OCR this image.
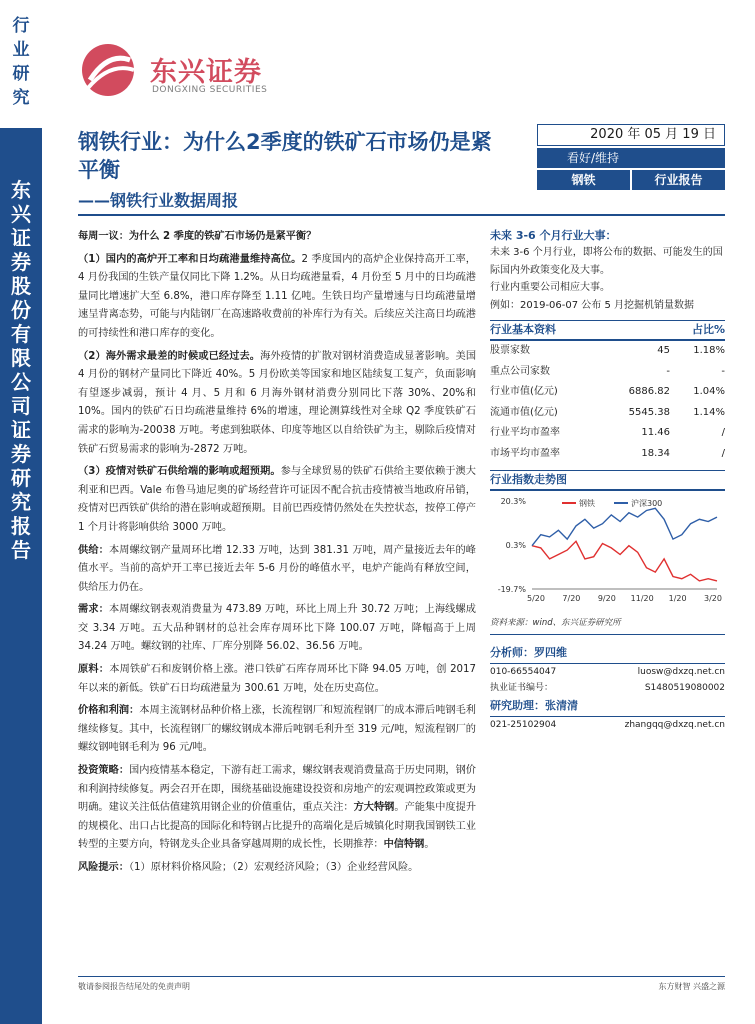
行业研究
东兴证券股份有限公司证券研究报告
东兴证券
DONGXING SECURITIES
钢铁行业：为什么2季度的铁矿石市场仍是紧平衡
——钢铁行业数据周报
2020 年 05 月 19 日
看好/维持
钢铁	行业报告

每周一议：为什么 2 季度的铁矿石市场仍是紧平衡？

（1）国内的高炉开工率和日均疏港量维持高位。2 季度国内的高炉企业保持高开工率，4 月份我国的生铁产量仅同比下降 1.2%。从日均疏港量看，4 月份至 5 月中的日均疏港量同比增速扩大至 6.8%，港口库存降至 1.11 亿吨。生铁日均产量增速与日均疏港量增速呈背离态势，可能与内陆钢厂在高速路收费前的补库行为有关。后续应关注高日均疏港的可持续性和港口库存的变化。

（2）海外需求最差的时候或已经过去。海外疫情的扩散对钢材消费造成显著影响。美国 4 月份的钢材产量同比下降近 40%。5 月份欧美等国家和地区陆续复工复产，负面影响有望逐步减弱，预计 4 月、5 月和 6 月海外钢材消费分别同比下落 30%、20%和 10%。国内的铁矿石日均疏港量维持 6%的增速，理论测算线性对全球 Q2 季度铁矿石需求的影响为-20038 万吨。考虑到独联体、印度等地区以自给铁矿为主，剔除后疫情对铁矿石贸易需求的影响为-2872 万吨。

（3）疫情对铁矿石供给端的影响或超预期。参与全球贸易的铁矿石供给主要依赖于澳大利亚和巴西。Vale 布鲁马迪尼奥的矿场经营许可证因不配合抗击疫情被当地政府吊销，疫情对巴西铁矿供给的潜在影响或超预期。目前巴西疫情仍然处在失控状态，按停工停产 1 个月计将影响供给 3000 万吨。

供给：本周螺纹钢产量周环比增 12.33 万吨，达到 381.31 万吨，周产量接近去年的峰值水平。当前的高炉开工率已接近去年 5-6 月份的峰值水平，电炉产能尚有释放空间，供给压力仍在。

需求：本周螺纹钢表观消费量为 473.89 万吨，环比上周上升 30.72 万吨；上海线螺成交 3.34 万吨。五大品种钢材的总社会库存周环比下降 100.07 万吨，降幅高于上周 34.24 万吨。螺纹钢的社库、厂库分别降 56.02、36.56 万吨。

原料：本周铁矿石和废钢价格上涨。港口铁矿石库存周环比下降 94.05 万吨，创 2017 年以来的新低。铁矿石日均疏港量为 300.61 万吨，处在历史高位。

价格和利润：本周主流钢材品种价格上涨，长流程钢厂和短流程钢厂的成本滞后吨钢毛利继续修复。其中，长流程钢厂的螺纹钢成本滞后吨钢毛利升至 319 元/吨，短流程钢厂的螺纹钢吨钢毛利为 96 元/吨。

投资策略：国内疫情基本稳定，下游有赶工需求，螺纹钢表观消费量高于历史同期，钢价和利润持续修复。两会召开在即，围绕基础设施建设投资和房地产的宏观调控政策或更为明确。建议关注低估值建筑用钢企业的价值重估，重点关注：方大特钢。产能集中度提升的规模化、出口占比提高的国际化和特钢占比提升的高端化是后城镇化时期我国钢铁工业转型的主要方向，特钢龙头企业具备穿越周期的成长性，长期推荐：中信特钢。

风险提示：（1）原材料价格风险；（2）宏观经济风险；（3）企业经营风险。

未来 3-6 个月行业大事：
未来 3-6 个月行业，即将公布的数据、可能发生的国际国内外政策变化及大事。
行业内重要公司相应大事。
例如：2019-06-07 公布 5 月挖掘机销量数据
行业基本资料	占比%
股票家数	45	1.18%
重点公司家数	-	-
行业市值(亿元)	6886.82	1.04%
流通市值(亿元)	5545.38	1.14%
行业平均市盈率	11.46	/
市场平均市盈率	18.34	/
行业指数走势图
20.3%
0.3%
-19.7%
5/20 7/20 9/20 11/20 1/20 3/20
钢铁	沪深300
资料来源：wind、东兴证券研究所
分析师：罗四维
010-66554047	luosw@dxzq.net.cn
执业证书编号：	S1480519080002
研究助理：张清清
021-25102904	zhangqq@dxzq.net.cn
敬请参阅报告结尾处的免责声明	东方财智 兴盛之源
